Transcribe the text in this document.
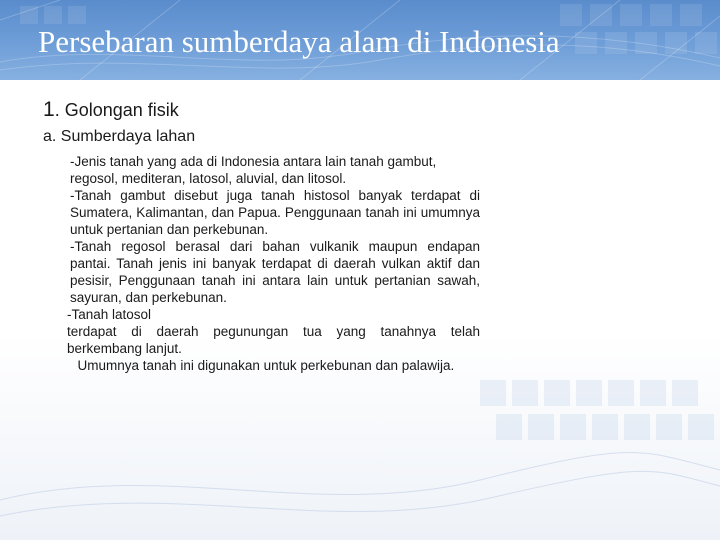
Persebaran sumberdaya alam di Indonesia
1. Golongan fisik
a. Sumberdaya lahan

-Jenis tanah yang ada di Indonesia antara lain tanah gambut, regosol, mediteran, latosol, aluvial, dan litosol.

-Tanah gambut disebut juga tanah histosol banyak terdapat di Sumatera, Kalimantan, dan Papua. Penggunaan tanah ini umumnya untuk pertanian dan perkebunan.

-Tanah regosol berasal dari bahan vulkanik maupun endapan pantai. Tanah jenis ini banyak terdapat di daerah vulkan aktif dan pesisir, Penggunaan tanah ini antara lain untuk pertanian sawah, sayuran, dan perkebunan.

-Tanah latosol

terdapat di daerah pegunungan tua yang tanahnya telah berkembang lanjut.

Umumnya tanah ini digunakan untuk perkebunan dan palawija.
